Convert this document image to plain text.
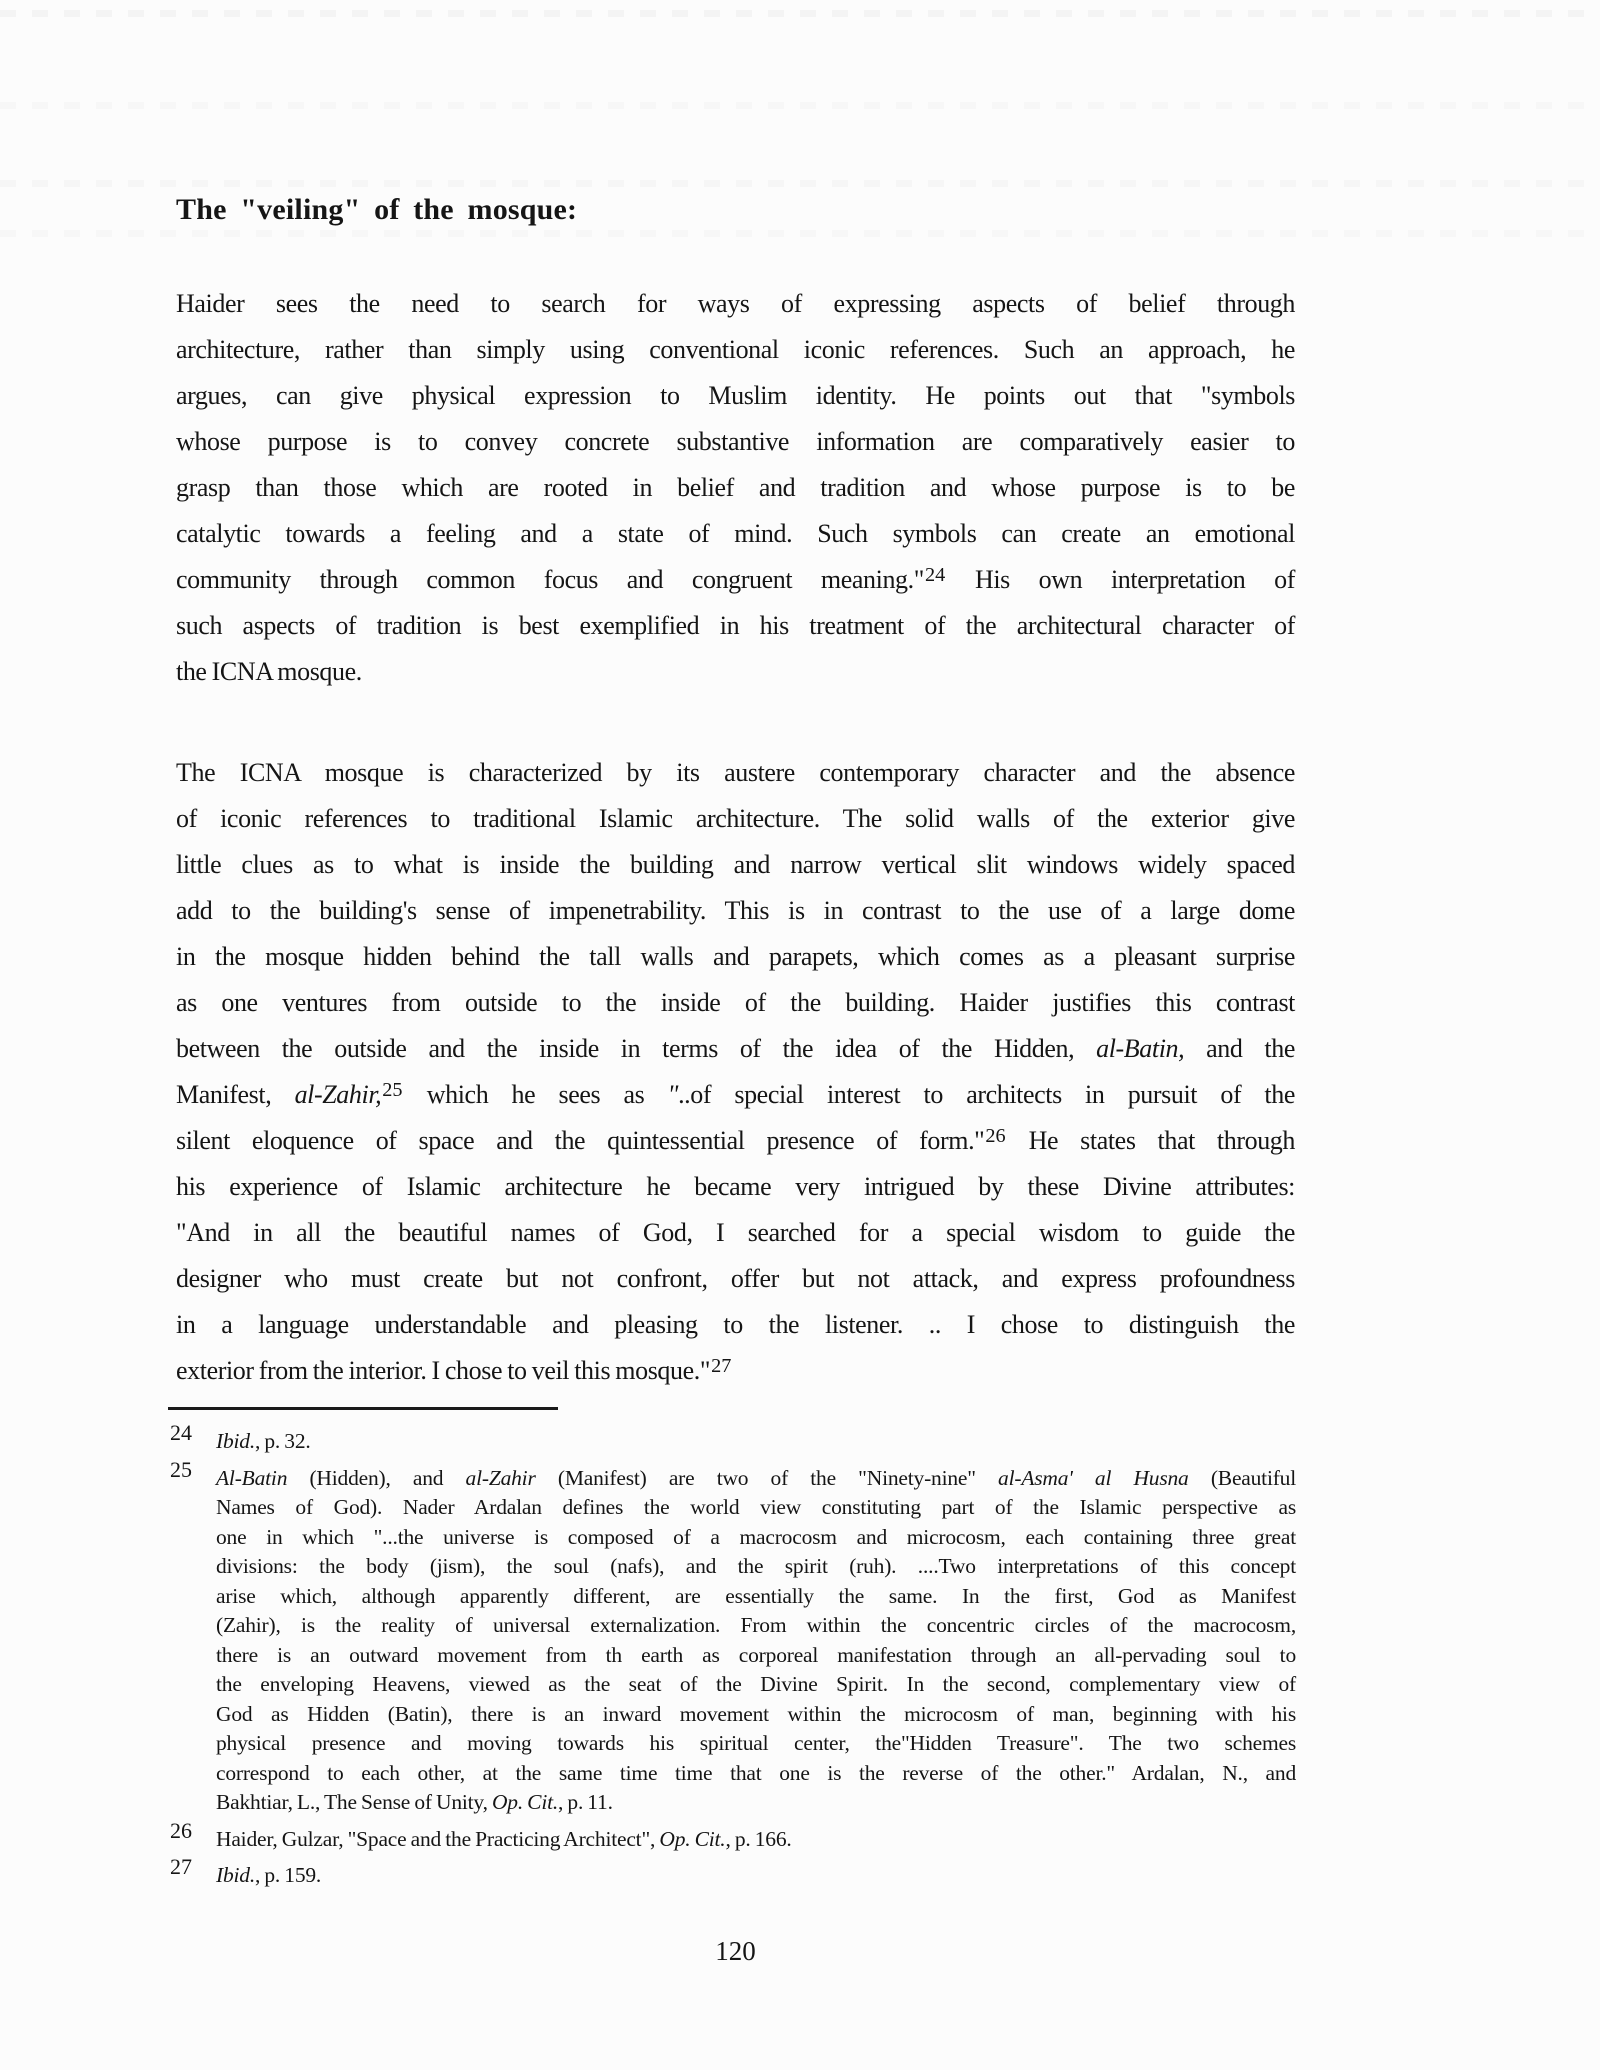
The "veiling" of the mosque:
Haider sees the need to search for ways of expressing aspects of belief through
architecture, rather than simply using conventional iconic references. Such an approach, he
argues, can give physical expression to Muslim identity. He points out that "symbols
whose purpose is to convey concrete substantive information are comparatively easier to
grasp than those which are rooted in belief and tradition and whose purpose is to be
catalytic towards a feeling and a state of mind. Such symbols can create an emotional
community through common focus and congruent meaning."$^{24}$ His own interpretation of
such aspects of tradition is best exemplified in his treatment of the architectural character of
the ICNA mosque.
The ICNA mosque is characterized by its austere contemporary character and the absence
of iconic references to traditional Islamic architecture. The solid walls of the exterior give
little clues as to what is inside the building and narrow vertical slit windows widely spaced
add to the building's sense of impenetrability. This is in contrast to the use of a large dome
in the mosque hidden behind the tall walls and parapets, which comes as a pleasant surprise
as one ventures from outside to the inside of the building. Haider justifies this contrast
between the outside and the inside in terms of the idea of the Hidden, al-Batin, and the
Manifest, al-Zahir,$^{25}$ which he sees as "..of special interest to architects in pursuit of the
silent eloquence of space and the quintessential presence of form."$^{26}$ He states that through
his experience of Islamic architecture he became very intrigued by these Divine attributes:
"And in all the beautiful names of God, I searched for a special wisdom to guide the
designer who must create but not confront, offer but not attack, and express profoundness
in a language understandable and pleasing to the listener. .. I chose to distinguish the
exterior from the interior. I chose to veil this mosque."$^{27}$
24 Ibid., p. 32.
25 Al-Batin (Hidden), and al-Zahir (Manifest) are two of the "Ninety-nine" al-Asma' al Husna (Beautiful
Names of God). Nader Ardalan defines the world view constituting part of the Islamic perspective as
one in which "...the universe is composed of a macrocosm and microcosm, each containing three great
divisions: the body (jism), the soul (nafs), and the spirit (ruh). ....Two interpretations of this concept
arise which, although apparently different, are essentially the same. In the first, God as Manifest
(Zahir), is the reality of universal externalization. From within the concentric circles of the macrocosm,
there is an outward movement from th earth as corporeal manifestation through an all-pervading soul to
the enveloping Heavens, viewed as the seat of the Divine Spirit. In the second, complementary view of
God as Hidden (Batin), there is an inward movement within the microcosm of man, beginning with his
physical presence and moving towards his spiritual center, the"Hidden Treasure". The two schemes
correspond to each other, at the same time time that one is the reverse of the other." Ardalan, N., and
Bakhtiar, L., The Sense of Unity, Op. Cit., p. 11.
26 Haider, Gulzar, "Space and the Practicing Architect", Op. Cit., p. 166.
27 Ibid., p. 159.
120
